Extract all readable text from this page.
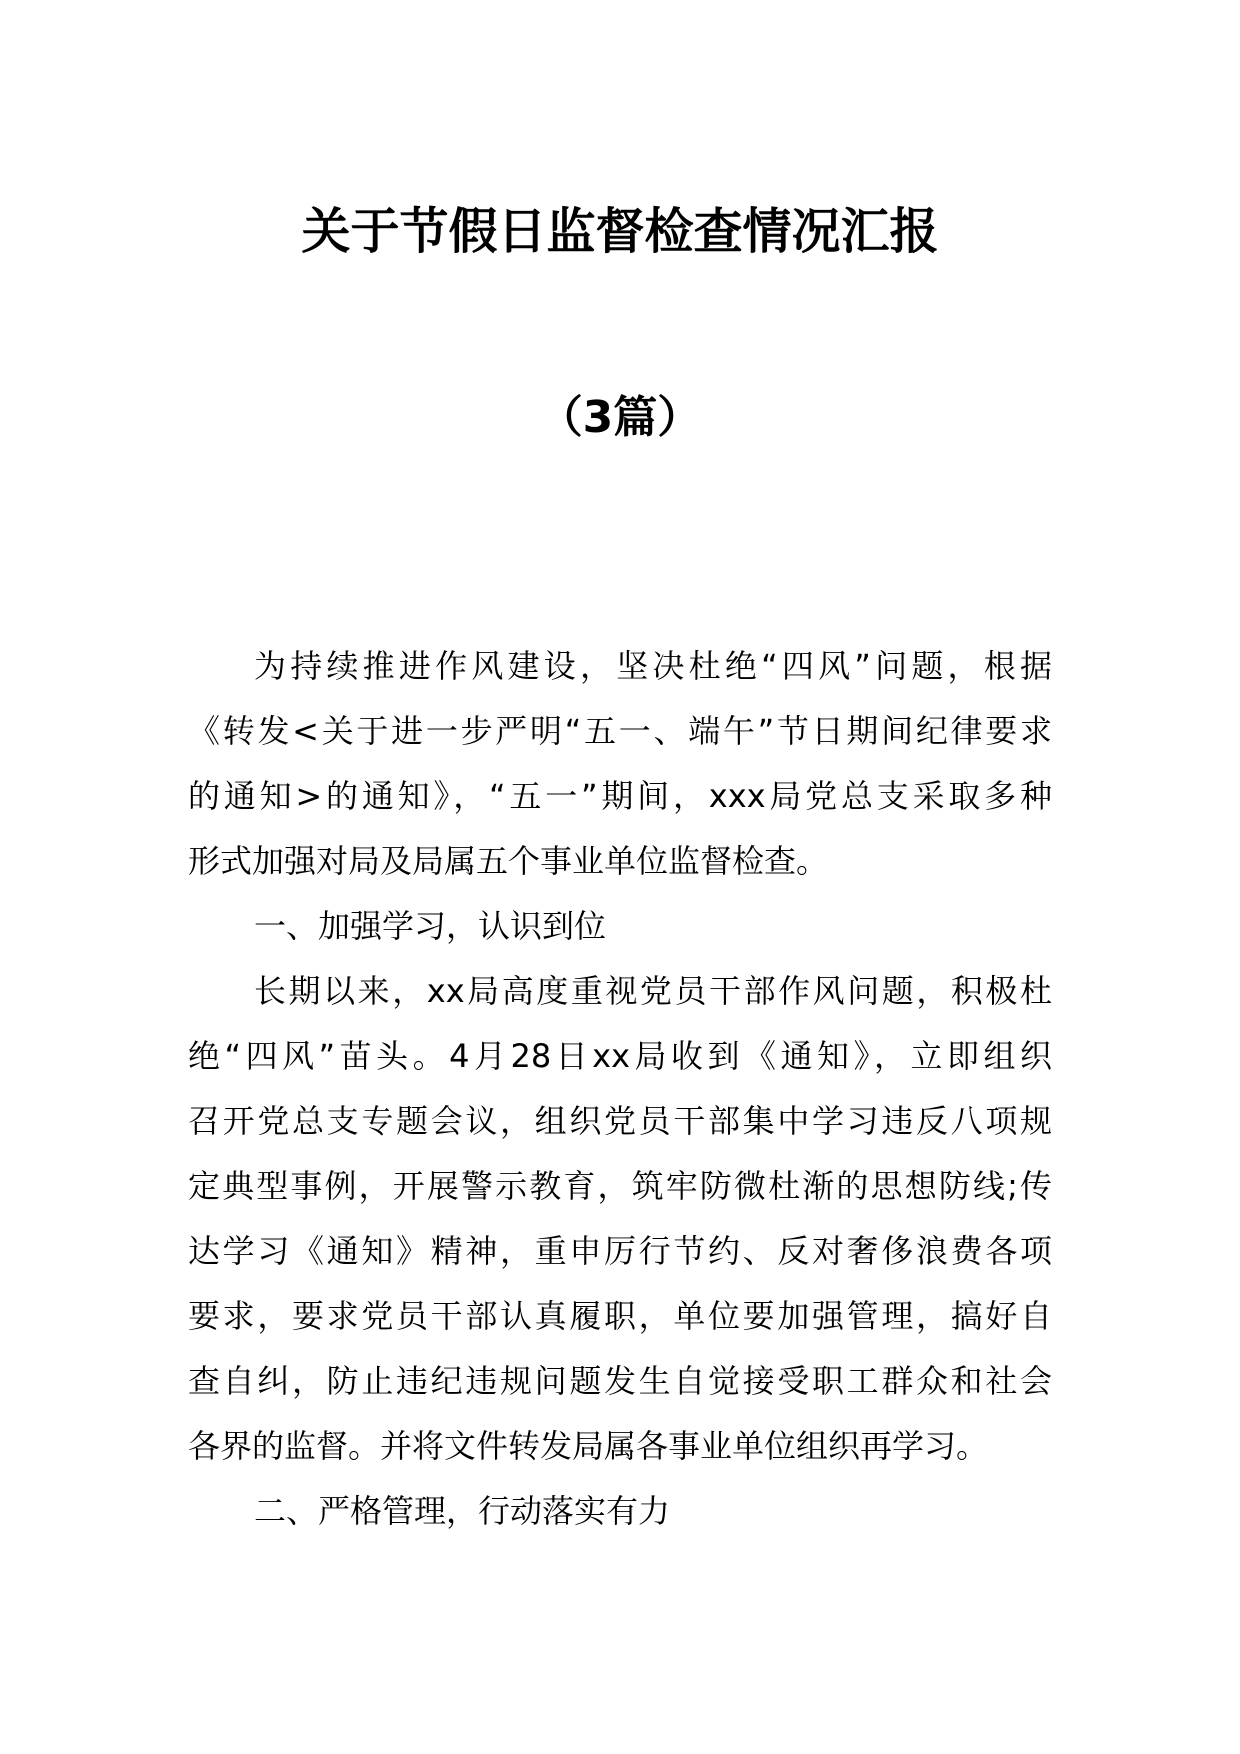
关于节假日监督检查情况汇报
（3篇）
为持续推进作风建设，坚决杜绝“四风”问题，根据
《转发<关于进一步严明“五一、端午”节日期间纪律要求
的通知>的通知》，“五一”期间，xxx局党总支采取多种
形式加强对局及局属五个事业单位监督检查。
一、加强学习，认识到位
长期以来，xx局高度重视党员干部作风问题，积极杜
绝“四风”苗头。4月28日xx局收到《通知》，立即组织
召开党总支专题会议，组织党员干部集中学习违反八项规
定典型事例，开展警示教育，筑牢防微杜渐的思想防线;传
达学习《通知》精神，重申厉行节约、反对奢侈浪费各项
要求，要求党员干部认真履职，单位要加强管理，搞好自
查自纠，防止违纪违规问题发生自觉接受职工群众和社会
各界的监督。并将文件转发局属各事业单位组织再学习。
二、严格管理，行动落实有力
